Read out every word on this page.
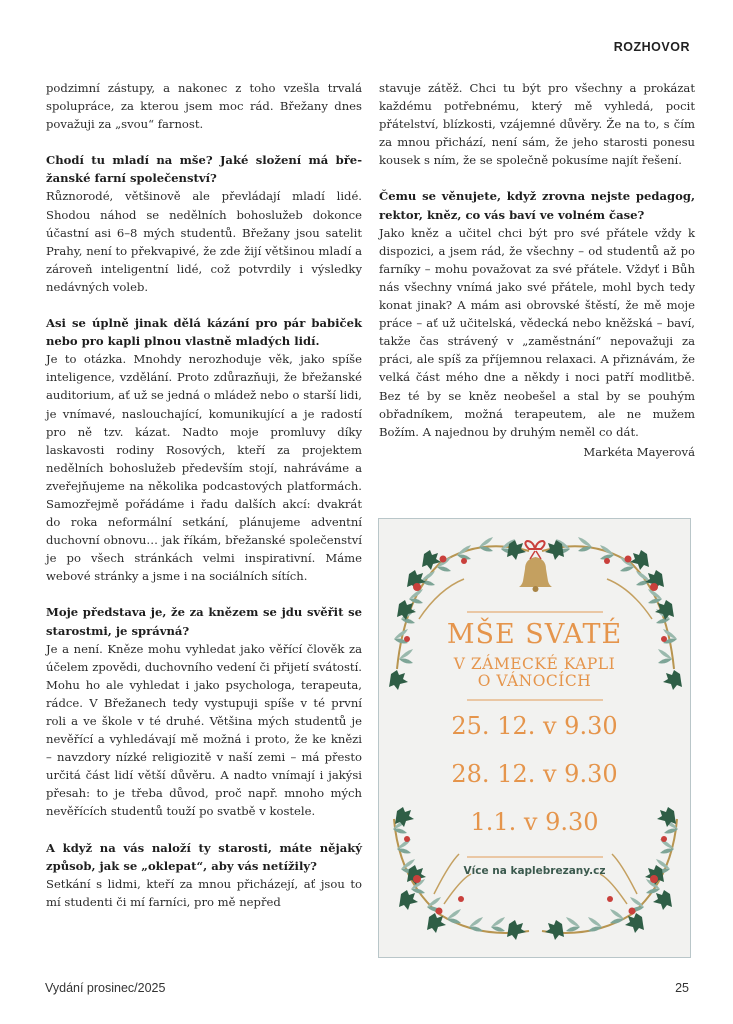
ROZHOVOR

podzimní zástupy, a nakonec z toho vzešla trvalá spolupráce, za kterou jsem moc rád. Břežany dnes považuji za „svou“ farnost.

Chodí tu mladí na mše? Jaké složení má břežanské farní společenství?

Různorodé, většinově ale převládají mladí lidé. Shodou náhod se nedělních bohoslužeb dokonce účastní asi 6–8 mých studentů. Břežany jsou satelit Prahy, není to překvapivé, že zde žijí většinou mladí a zároveň inteligentní lidé, což potvrdily i výsledky nedávných voleb.

Asi se úplně jinak dělá kázání pro pár babiček nebo pro kapli plnou vlastně mladých lidí.

Je to otázka. Mnohdy nerozhoduje věk, jako spíše inteligence, vzdělání. Proto zdůrazňuji, že břežanské auditorium, ať už se jedná o mládež nebo o starší lidi, je vnímavé, naslouchající, komunikující a je radostí pro ně tzv. kázat. Nadto moje promluvy díky laskavosti rodiny Rosových, kteří za projektem nedělních bohoslužeb především stojí, nahráváme a zveřejňujeme na několika podcastových platformách. Samozřejmě pořádáme i řadu dalších akcí: dvakrát do roka neformální setkání, plánujeme adventní duchovní obnovu… jak říkám, břežanské společenství je po všech stránkách velmi inspirativní. Máme webové stránky a jsme i na sociálních sítích.

Moje představa je, že za knězem se jdu svěřit se starostmi, je správná?

Je a není. Kněze mohu vyhledat jako věřící člověk za účelem zpovědi, duchovního vedení či přijetí svátostí. Mohu ho ale vyhledat i jako psychologa, terapeuta, rádce. V Břežanech tedy vystupuji spíše v té první roli a ve škole v té druhé. Většina mých studentů je nevěřící a vyhledávají mě možná i proto, že ke knězi – navzdory nízké religiozitě v naší zemi – má přesto určitá část lidí větší důvěru. A nadto vnímají i jakýsi přesah: to je třeba důvod, proč např. mnoho mých nevěřících studentů touží po svatbě v kostele.

A když na vás naloží ty starosti, máte nějaký způsob, jak se „oklepat“, aby vás netížily?

Setkání s lidmi, kteří za mnou přicházejí, ať jsou to mí studenti či mí farníci, pro mě nepřed

stavuje zátěž. Chci tu být pro všechny a prokázat každému potřebnému, který mě vyhledá, pocit přátelství, blízkosti, vzájemné důvěry. Že na to, s čím za mnou přichází, není sám, že jeho starosti ponesu kousek s ním, že se společně pokusíme najít řešení.

Čemu se věnujete, když zrovna nejste pedagog, rektor, kněz, co vás baví ve volném čase?

Jako kněz a učitel chci být pro své přátele vždy k dispozici, a jsem rád, že všechny – od studentů až po farníky – mohu považovat za své přátele. Vždyť i Bůh nás všechny vnímá jako své přátele, mohl bych tedy konat jinak? A mám asi obrovské štěstí, že mě moje práce – ať už učitelská, vědecká nebo kněžská – baví, takže čas strávený v „zaměstnání“ nepovažuji za práci, ale spíš za příjemnou relaxaci. A přiznávám, že velká část mého dne a někdy i noci patří modlitbě. Bez té by se kněz neobešel a stal by se pouhým obřadníkem, možná terapeutem, ale ne mužem Božím. A najednou by druhým neměl co dát.

Markéta Mayerová

MŠE SVATÉ
V ZÁMECKÉ KAPLI
O VÁNOCÍCH
25. 12. v 9.30
28. 12. v 9.30
1.1. v 9.30
Více na kaplebrezany.cz
Vydání prosinec/2025	25
